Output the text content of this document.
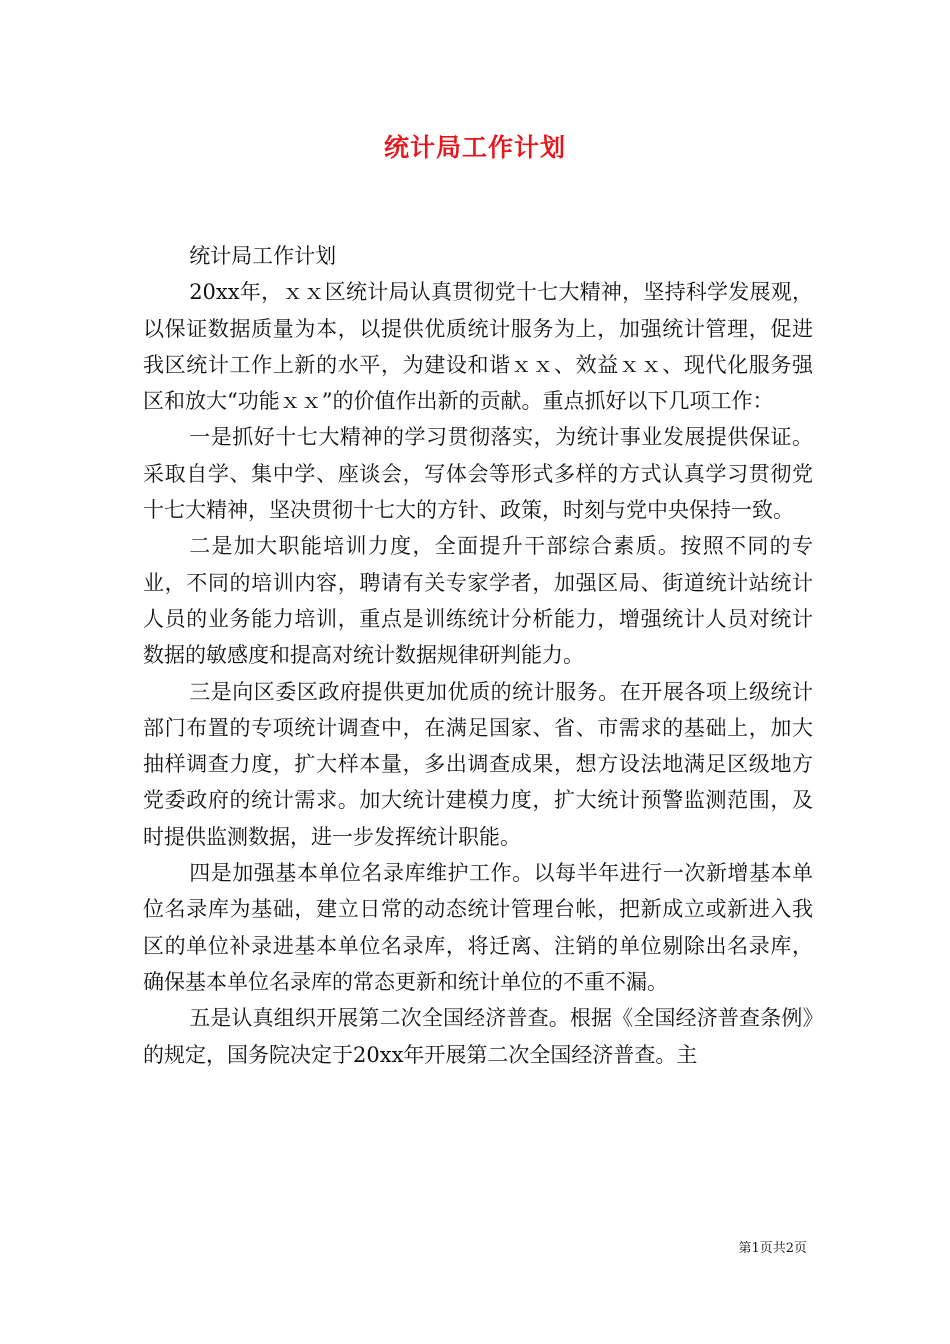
统计局工作计划

统计局工作计划

20xx年，ｘｘ区统计局认真贯彻党十七大精神，坚持科学发展观，以保证数据质量为本，以提供优质统计服务为上，加强统计管理，促进我区统计工作上新的水平，为建设和谐ｘｘ、效益ｘｘ、现代化服务强区和放大“功能ｘｘ”的价值作出新的贡献。重点抓好以下几项工作：

一是抓好十七大精神的学习贯彻落实，为统计事业发展提供保证。采取自学、集中学、座谈会，写体会等形式多样的方式认真学习贯彻党十七大精神，坚决贯彻十七大的方针、政策，时刻与党中央保持一致。

二是加大职能培训力度，全面提升干部综合素质。按照不同的专业，不同的培训内容，聘请有关专家学者，加强区局、街道统计站统计人员的业务能力培训，重点是训练统计分析能力，增强统计人员对统计数据的敏感度和提高对统计数据规律研判能力。

三是向区委区政府提供更加优质的统计服务。在开展各项上级统计部门布置的专项统计调查中，在满足国家、省、市需求的基础上，加大抽样调查力度，扩大样本量，多出调查成果，想方设法地满足区级地方党委政府的统计需求。加大统计建模力度，扩大统计预警监测范围，及时提供监测数据，进一步发挥统计职能。

四是加强基本单位名录库维护工作。以每半年进行一次新增基本单位名录库为基础，建立日常的动态统计管理台帐，把新成立或新进入我区的单位补录进基本单位名录库，将迁离、注销的单位剔除出名录库，确保基本单位名录库的常态更新和统计单位的不重不漏。

五是认真组织开展第二次全国经济普查。根据《全国经济普查条例》的规定，国务院决定于20xx年开展第二次全国经济普查。主

第1页共2页
